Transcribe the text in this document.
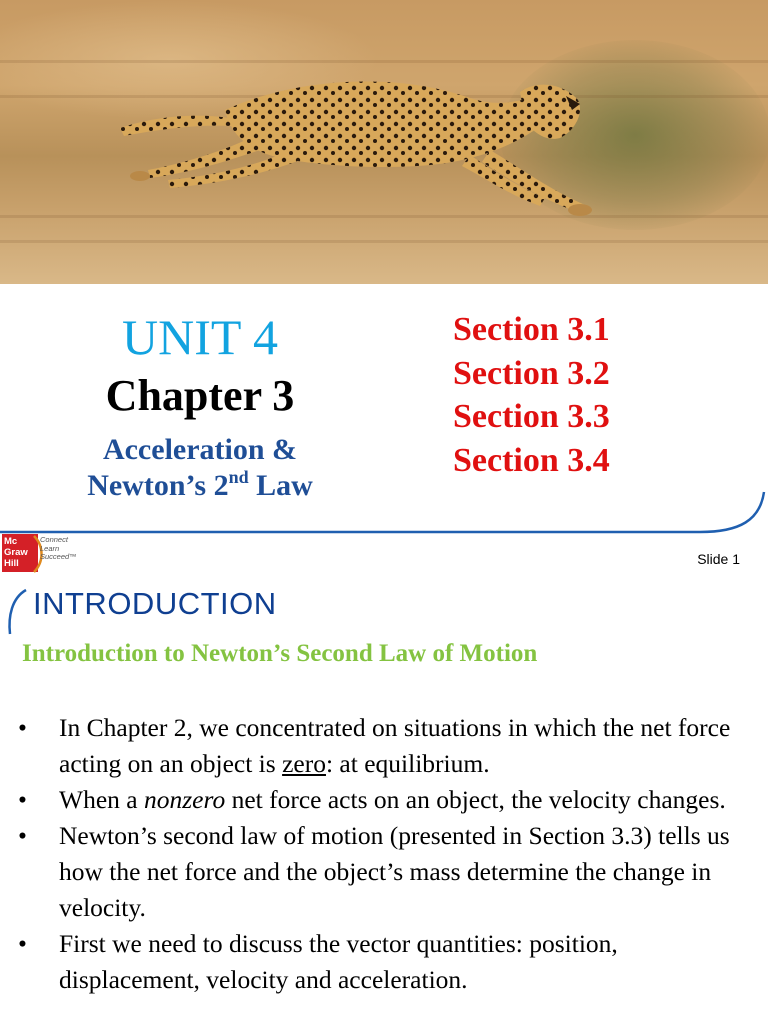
UNIT 4
Chapter 3
Acceleration &
Newton’s 2nd Law
Section 3.1
Section 3.2
Section 3.3
Section 3.4
Mc
Graw
Hill
Connect
Learn
Succeed™	Slide 1
INTRODUCTION
Introduction to Newton’s Second Law of Motion
• In Chapter 2, we concentrated on situations in which the net force acting on an object is zero: at equilibrium.
• When a nonzero net force acts on an object, the velocity changes.
• Newton’s second law of motion (presented in Section 3.3) tells us how the net force and the object’s mass determine the change in velocity.
• First we need to discuss the vector quantities: position, displacement, velocity and acceleration.
